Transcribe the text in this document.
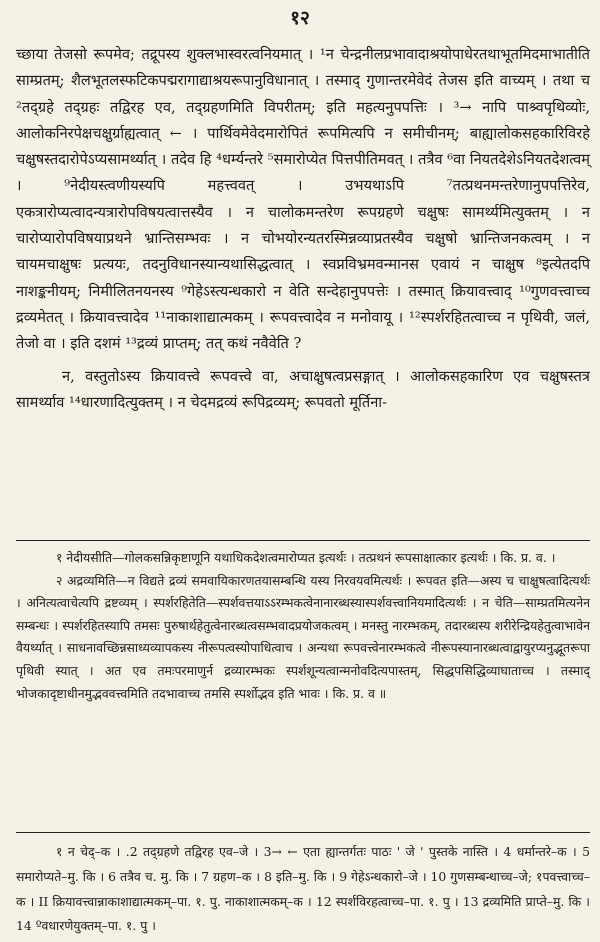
१२

च्छाया तेजसो रूपमेव; तद्रूपस्य शुक्लभास्वरत्वनियमात् । ¹न चेन्द्रनीलप्रभावादाश्रयोपाधेरतथाभूतमिदमाभातीति साम्प्रतम्; शैलभूतलस्फटिकपद्मरागाद्याश्रयरूपानुविधानात् । तस्माद् गुणान्तरमेवेदं तेजस इति वाच्यम् । तथा च ²तद्ग्रहे तद्ग्रहः तद्विरह एव, तद्ग्रहणमिति विपरीतम्; इति महत्यनुपपत्तिः । ³→ नापि पाश्र्वपृथिव्योः, आलोकनिरपेक्षचक्षुर्ग्राह्यत्वात् ← । पार्थिवमेवेदमारोपितं रूपमित्यपि न समीचीनम्; बाह्यालोकसहकारिविरहे चक्षुषस्तदारोपेऽप्यसामर्थ्यात् । तदेव हि ⁴धर्म्यन्तरे ⁵समारोप्येत पित्तपीतिमवत् । तत्रैव ⁶वा नियतदेशेऽनियतदेशत्वम् । ⁹नेदीयस्त्वणीयस्यपि महत्त्ववत् । उभयथाऽपि ⁷तत्प्रथनमन्तरेणानुपपत्तिरेव, एकत्रारोप्यत्वादन्यत्रारोपविषयत्वात्तस्यैव । न चालोकमन्तरेण रूपग्रहणे चक्षुषः सामर्थ्यमित्युक्तम् । न चारोप्यारोपविषयाप्रथने भ्रान्तिसम्भवः । न चोभयोरन्यतरस्मिन्नव्याप्रतस्यैव चक्षुषो भ्रान्तिजनकत्वम् । न चायमचाक्षुषः प्रत्ययः, तदनुविधानस्यान्यथासिद्धत्वात् । स्वप्नविभ्रमवन्मानस एवायं न चाक्षुष ⁸इत्येतदपि नाशङ्कनीयम्; निमीलितनयनस्य ⁹गेहेऽस्त्यन्धकारो न वेति सन्देहानुपपत्तेः । तस्मात् क्रियावत्त्वाद् ¹⁰गुणवत्त्वाच्च द्रव्यमेतत् । क्रियावत्त्वादेव ¹¹नाकाशाद्यात्मकम् । रूपवत्त्वादेव न मनोवायू । ¹²स्पर्शरहितत्वाच्च न पृथिवी, जलं, तेजो वा । इति दशमं ¹³द्रव्यं प्राप्तम्; तत् कथं नवैवेति ?

न, वस्तुतोऽस्य क्रियावत्त्वे रूपवत्त्वे वा, अचाक्षुषत्वप्रसङ्गात् । आलोकसहकारिण एव चक्षुषस्तत्र सामर्थ्याव ¹⁴धारणादित्युक्तम् । न चेदमद्रव्यं रूपिद्रव्यम्; रूपवतो मूर्तिना-

१ नेदीयसीति—गोलकसन्निकृष्टाणूनि यथाधिकदेशत्वमारोप्यत इत्यर्थः । तत्प्रथनं रूपसाक्षात्कार इत्यर्थः । कि. प्र. व. ।

२ अद्रव्यमिति—न विद्यते द्रव्यं समवायिकारणतयासम्बन्धि यस्य निरवयवमित्यर्थः । रूपवत इति—अस्य च चाक्षुषत्वादित्यर्थः । अनित्यत्वाचेत्यपि द्रष्टव्यम् । स्पर्शरहितेति—स्पर्शवत्तयाऽऽरम्भकत्वेनानारब्धस्यास्पर्शवत्त्वानियमादित्यर्थः । न चेति—साम्प्रतमित्यनेन सम्बन्धः । स्पर्शरहितस्यापि तमसः पुरुषार्थहेतुत्वेनारब्धत्वसम्भवादप्रयोजकत्वम् । मनस्तु नारम्भकम्, तदारब्धस्य शरीरेन्द्रियहेतुत्वाभावेन वैयर्थ्यात् । साधनावच्छिन्नसाध्यव्यापकस्य नीरूपत्वस्योपाधित्वाच । अन्यथा रूपवत्त्वेनारम्भकत्वे नीरूपस्यानारब्धत्वाद्वायुरप्यनुद्भूतरूपा पृथिवी स्यात् । अत एव तमःपरमाणुर्न द्रव्यारम्भकः स्पर्शशून्यत्वान्मनोवदित्यपास्तम्, सिद्धपसिद्धिव्याघाताच्च । तस्माद् भोजकादृष्टाधीनमुद्भववत्त्वमिति तदभावाच्च तमसि स्पर्शोद्भव इति भावः । कि. प्र. व ॥

१ न चेद्–क । .2 तद्ग्रहणे तद्विरह एव–जे । 3→ ← एता ह्यान्तर्गतः पाठः ' जे ' पुस्तके नास्ति । 4 धर्मान्तरे–क । 5 समारोप्यते–मु. कि । 6 तत्रैव च. मु. कि । 7 ग्रहण–क । 8 इति–मु. कि । 9 गेहेऽन्धकारो–जे । 10 गुणसम्बन्धाच्च–जे; १पवत्त्वाच्च–क । II क्रियावत्त्वान्नाकाशाद्यात्मकम्–पा. १. पु. नाकाशात्मकम्–क । 12 स्पर्शविरहत्वाच्च–पा. १. पु । 13 द्रव्यमिति प्राप्ते–मु. कि । 14 ºवधारणेयुक्तम्–पा. १. पु ।
